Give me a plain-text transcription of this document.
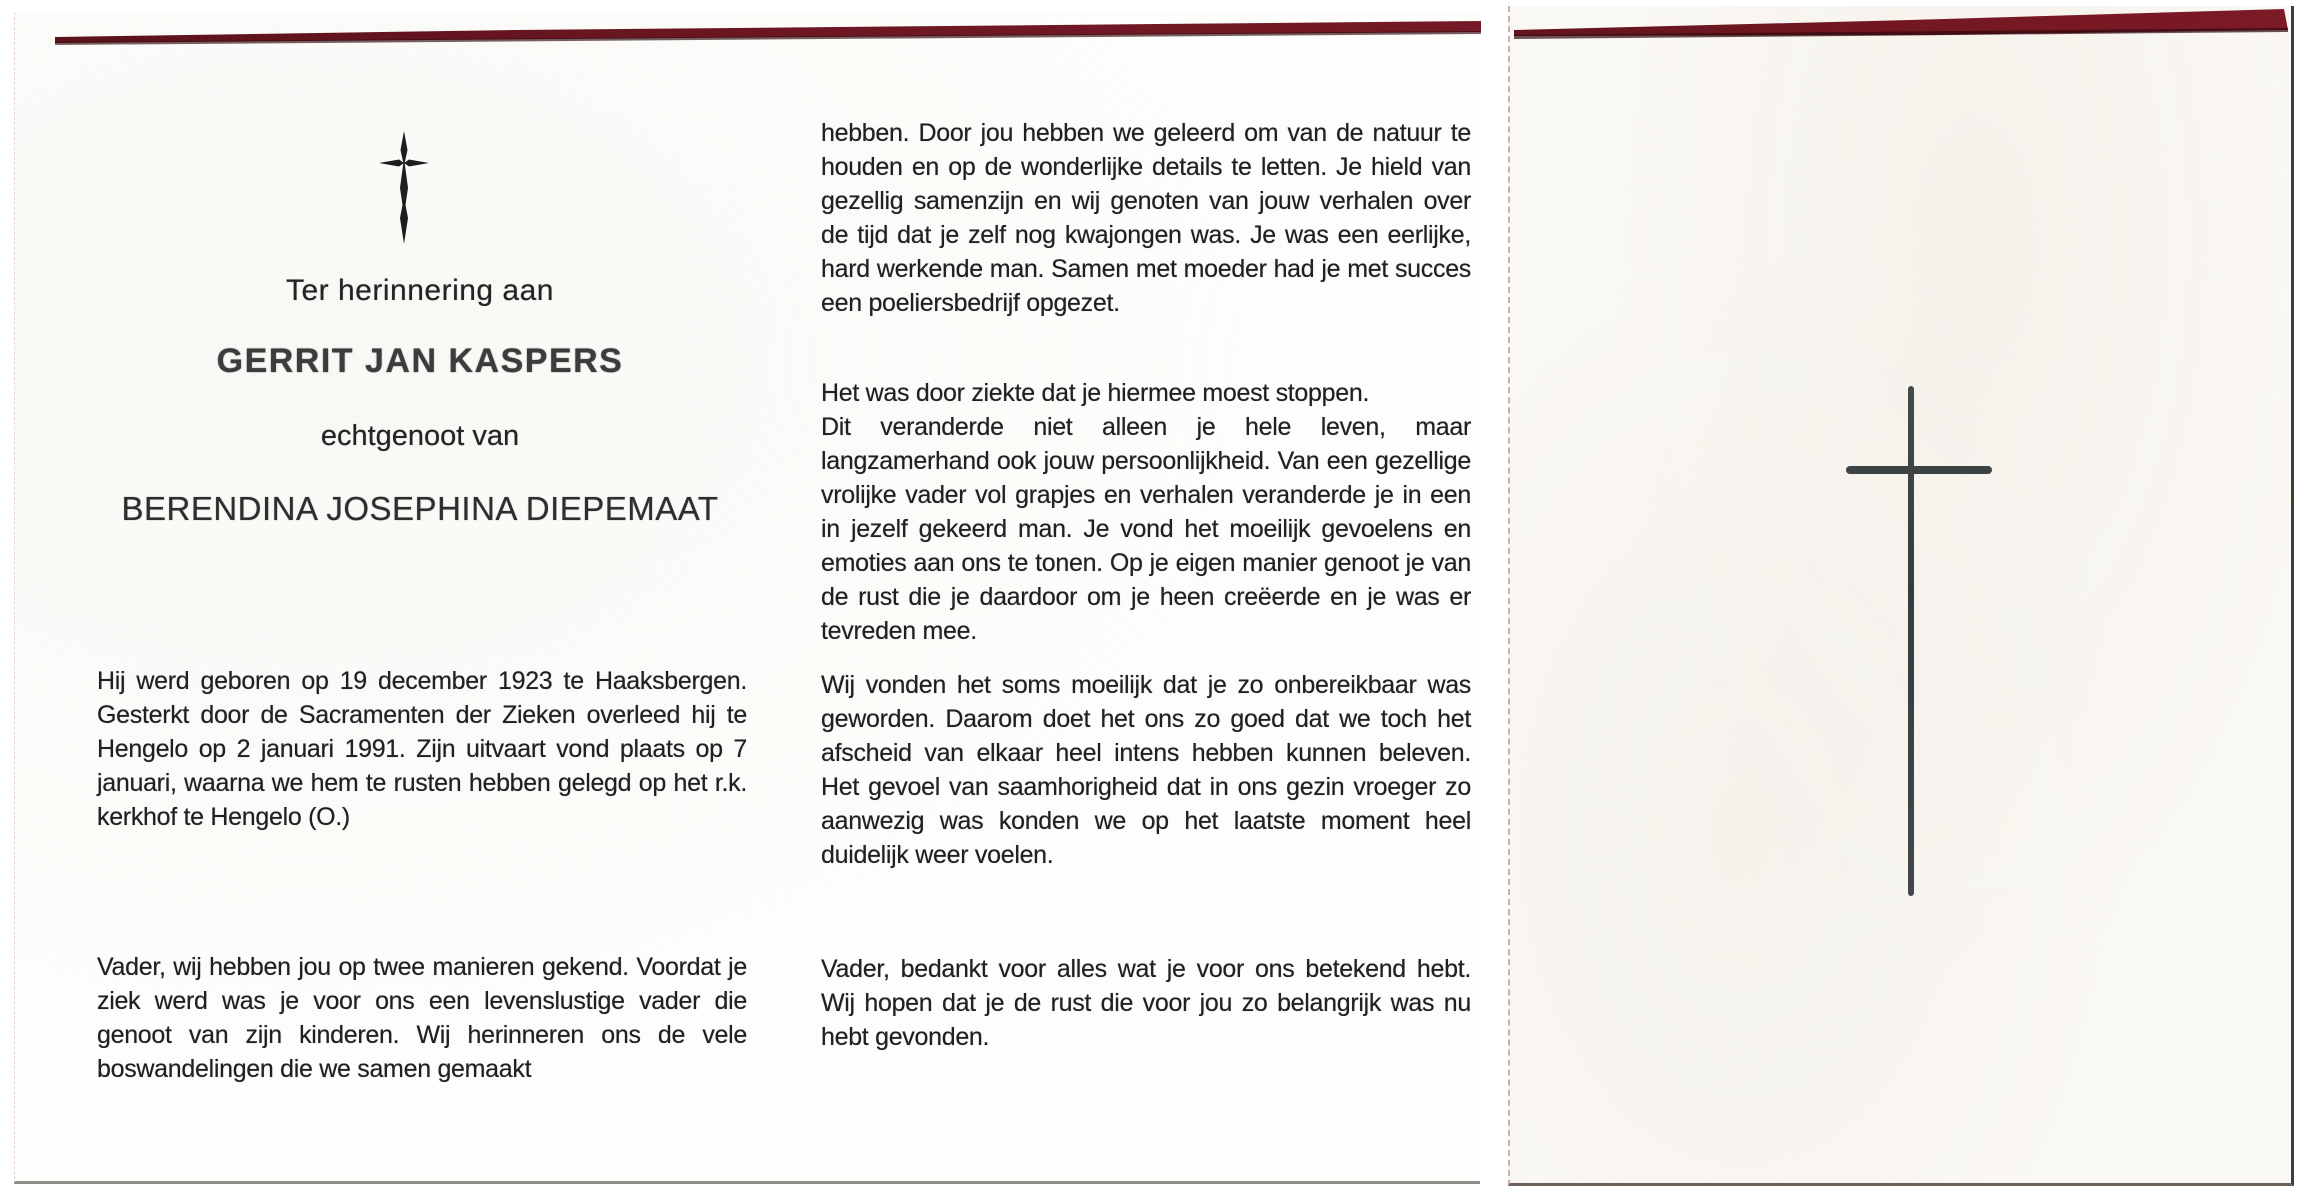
Ter herinnering aan

GERRIT JAN KASPERS

echtgenoot van

BERENDINA JOSEPHINA DIEPEMAAT

Hij werd geboren op 19 december 1923 te Haaksbergen. Gesterkt door de Sacramenten der Zieken overleed hij te Hengelo op 2 januari 1991. Zijn uitvaart vond plaats op 7 januari, waarna we hem te rusten hebben gelegd op het r.k. kerkhof te Hengelo (O.)

Vader, wij hebben jou op twee manieren gekend. Voordat je ziek werd was je voor ons een levenslustige vader die genoot van zijn kinderen. Wij herinneren ons de vele boswandelingen die we samen gemaakt

hebben. Door jou hebben we geleerd om van de natuur te houden en op de wonderlijke details te letten. Je hield van gezellig samenzijn en wij genoten van jouw verhalen over de tijd dat je zelf nog kwajongen was. Je was een eerlijke, hard werkende man. Samen met moeder had je met succes een poeliersbedrijf opgezet.

Het was door ziekte dat je hiermee moest stoppen.

Dit veranderde niet alleen je hele leven, maar langzamerhand ook jouw persoonlijkheid. Van een gezellige vrolijke vader vol grapjes en verhalen veranderde je in een in jezelf gekeerd man. Je vond het moeilijk gevoelens en emoties aan ons te tonen. Op je eigen manier genoot je van de rust die je daardoor om je heen creëerde en je was er tevreden mee.

Wij vonden het soms moeilijk dat je zo onbereikbaar was geworden. Daarom doet het ons zo goed dat we toch het afscheid van elkaar heel intens hebben kunnen beleven. Het gevoel van saamhorigheid dat in ons gezin vroeger zo aanwezig was konden we op het laatste moment heel duidelijk weer voelen.

Vader, bedankt voor alles wat je voor ons betekend hebt. Wij hopen dat je de rust die voor jou zo belangrijk was nu hebt gevonden.
